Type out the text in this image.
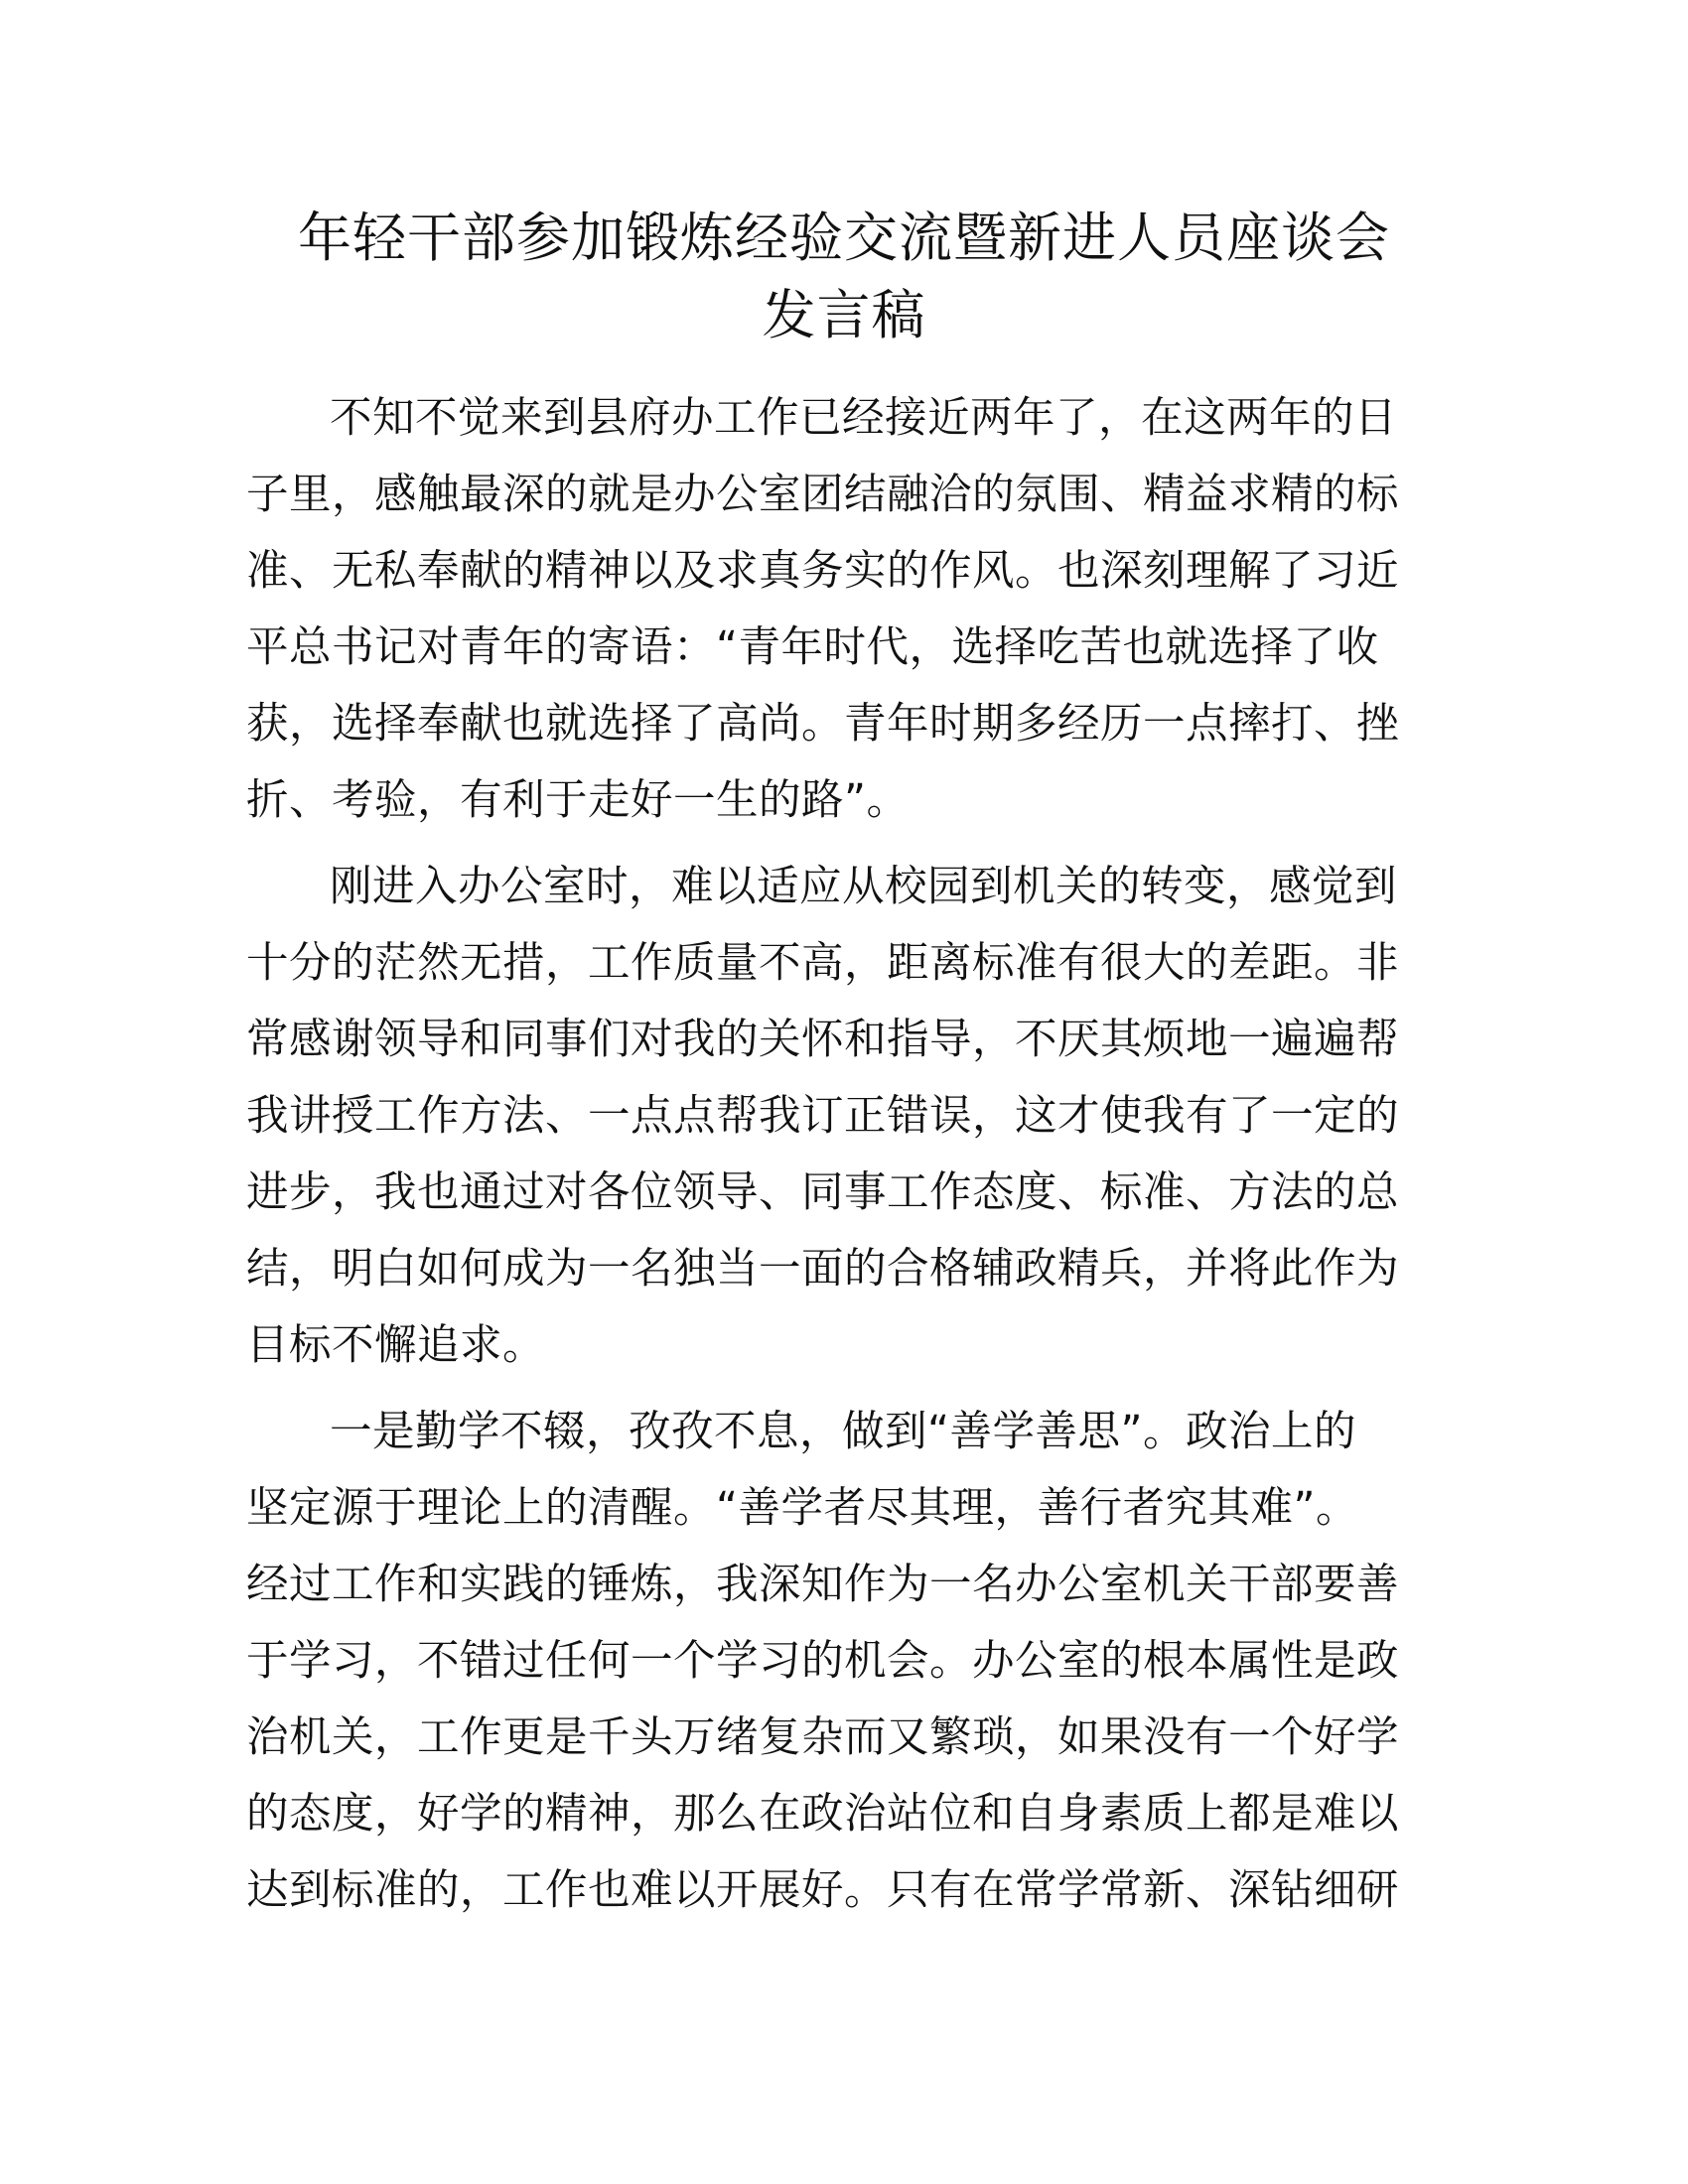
年轻干部参加锻炼经验交流暨新进人员座谈会
发言稿
不知不觉来到县府办工作已经接近两年了，在这两年的日
子里，感触最深的就是办公室团结融洽的氛围、精益求精的标
准、无私奉献的精神以及求真务实的作风。也深刻理解了习近
平总书记对青年的寄语：“青年时代，选择吃苦也就选择了收
获，选择奉献也就选择了高尚。青年时期多经历一点摔打、挫
折、考验，有利于走好一生的路”。
刚进入办公室时，难以适应从校园到机关的转变，感觉到
十分的茫然无措，工作质量不高，距离标准有很大的差距。非
常感谢领导和同事们对我的关怀和指导，不厌其烦地一遍遍帮
我讲授工作方法、一点点帮我订正错误，这才使我有了一定的
进步，我也通过对各位领导、同事工作态度、标准、方法的总
结，明白如何成为一名独当一面的合格辅政精兵，并将此作为
目标不懈追求。
一是勤学不辍，孜孜不息，做到“善学善思”。政治上的
坚定源于理论上的清醒。“善学者尽其理，善行者究其难”。
经过工作和实践的锤炼，我深知作为一名办公室机关干部要善
于学习，不错过任何一个学习的机会。办公室的根本属性是政
治机关，工作更是千头万绪复杂而又繁琐，如果没有一个好学
的态度，好学的精神，那么在政治站位和自身素质上都是难以
达到标准的，工作也难以开展好。只有在常学常新、深钻细研
